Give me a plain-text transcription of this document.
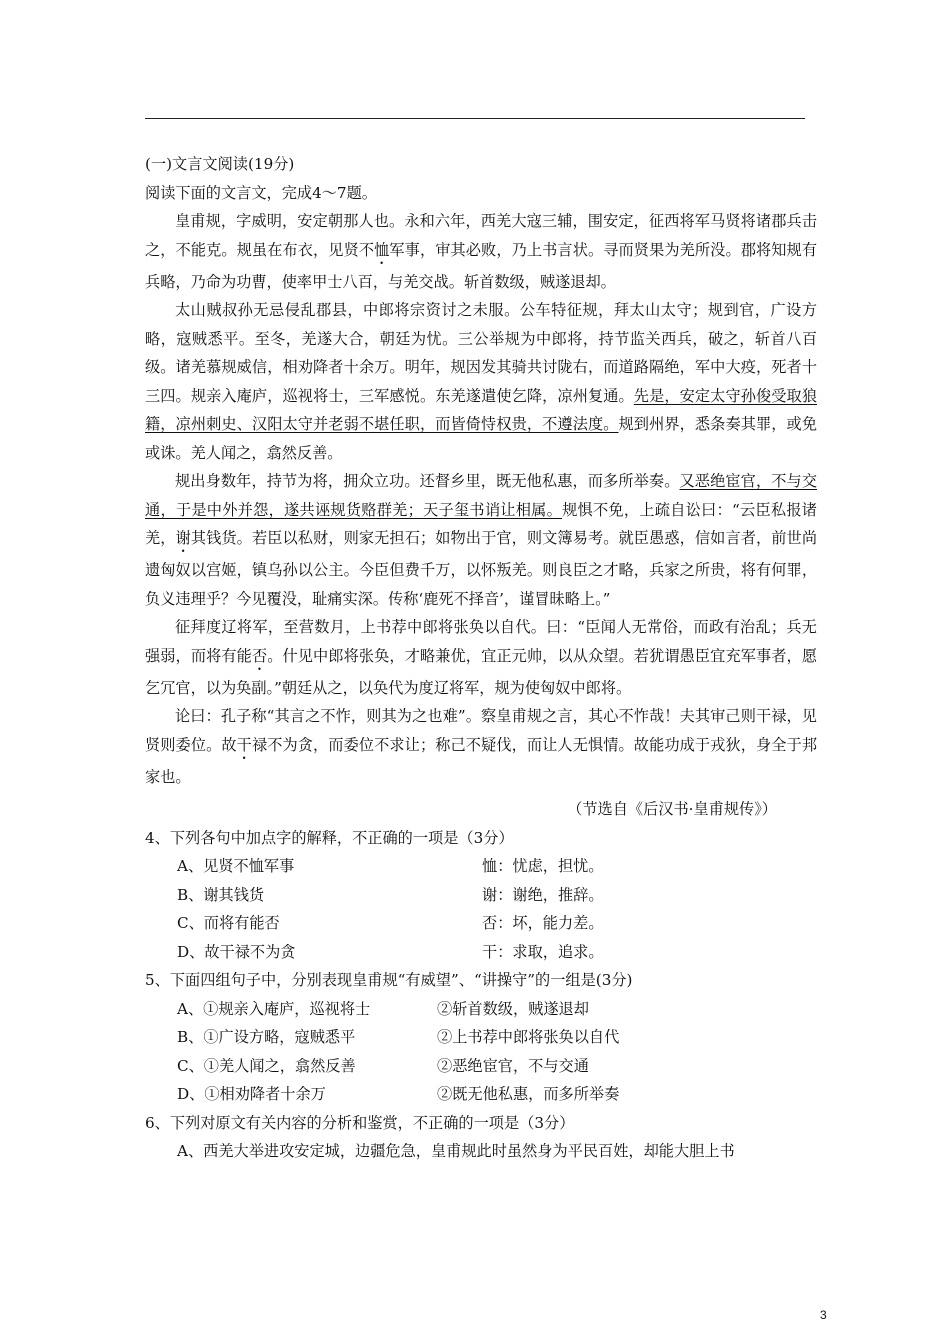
(一)文言文阅读(19分)
阅读下面的文言文，完成4～7题。
皇甫规，字威明，安定朝那人也。永和六年，西羌大寇三辅，围安定，征西将军马贤将诸郡兵击之，不能克。规虽在布衣，见贤不恤军事，审其必败，乃上书言状。寻而贤果为羌所没。郡将知规有兵略，乃命为功曹，使率甲士八百，与羌交战。斩首数级，贼遂退却。
太山贼叔孙无忌侵乱郡县，中郎将宗资讨之未服。公车特征规，拜太山太守；规到官，广设方略，寇贼悉平。至冬，羌遂大合，朝廷为忧。三公举规为中郎将，持节监关西兵，破之，斩首八百级。诸羌慕规威信，相劝降者十余万。明年，规因发其骑共讨陇右，而道路隔绝，军中大疫，死者十三四。规亲入庵庐，巡视将士，三军感悦。东羌遂遣使乞降，凉州复通。先是，安定太守孙俊受取狼籍，凉州刺史、汉阳太守并老弱不堪任职，而皆倚恃权贵，不遵法度。规到州界，悉条奏其罪，或免或诛。羌人闻之，翕然反善。
规出身数年，持节为将，拥众立功。还督乡里，既无他私惠，而多所举奏。又恶绝宦官，不与交通，于是中外并怨，遂共诬规货赂群羌；天子玺书诮让相属。规惧不免，上疏自讼曰：“云臣私报诸羌，谢其钱货。若臣以私财，则家无担石；如物出于官，则文簿易考。就臣愚惑，信如言者，前世尚遗匈奴以宫姬，镇乌孙以公主。今臣但费千万，以怀叛羌。则良臣之才略，兵家之所贵，将有何罪，负义违理乎？今见覆没，耻痛实深。传称‘鹿死不择音’，谨冒昧略上。”
征拜度辽将军，至营数月，上书荐中郎将张奂以自代。曰：“臣闻人无常俗，而政有治乱；兵无强弱，而将有能否。什见中郎将张奂，才略兼优，宜正元帅，以从众望。若犹谓愚臣宜充军事者，愿乞冗官，以为奂副。”朝廷从之，以奂代为度辽将军，规为使匈奴中郎将。
论曰：孔子称“其言之不怍，则其为之也难”。察皇甫规之言，其心不怍哉！夫其审己则干禄，见贤则委位。故干禄不为贪，而委位不求让；称己不疑伐，而让人无惧情。故能功成于戎狄，身全于邦家也。
（节选自《后汉书·皇甫规传》）
4、下列各句中加点字的解释，不正确的一项是（3分）
A、见贤不恤军事	恤：忧虑，担忧。
B、谢其钱货	谢：谢绝，推辞。
C、而将有能否	否：坏，能力差。
D、故干禄不为贪	干：求取，追求。
5、下面四组句子中，分别表现皇甫规“有威望”、“讲操守”的一组是(3分)
A、①规亲入庵庐，巡视将士	②斩首数级，贼遂退却
B、①广设方略，寇贼悉平	②上书荐中郎将张奂以自代
C、①羌人闻之，翕然反善	②恶绝宦官，不与交通
D、①相劝降者十余万	②既无他私惠，而多所举奏
6、下列对原文有关内容的分析和鉴赏，不正确的一项是（3分）
A、西羌大举进攻安定城，边疆危急，皇甫规此时虽然身为平民百姓，却能大胆上书
3
